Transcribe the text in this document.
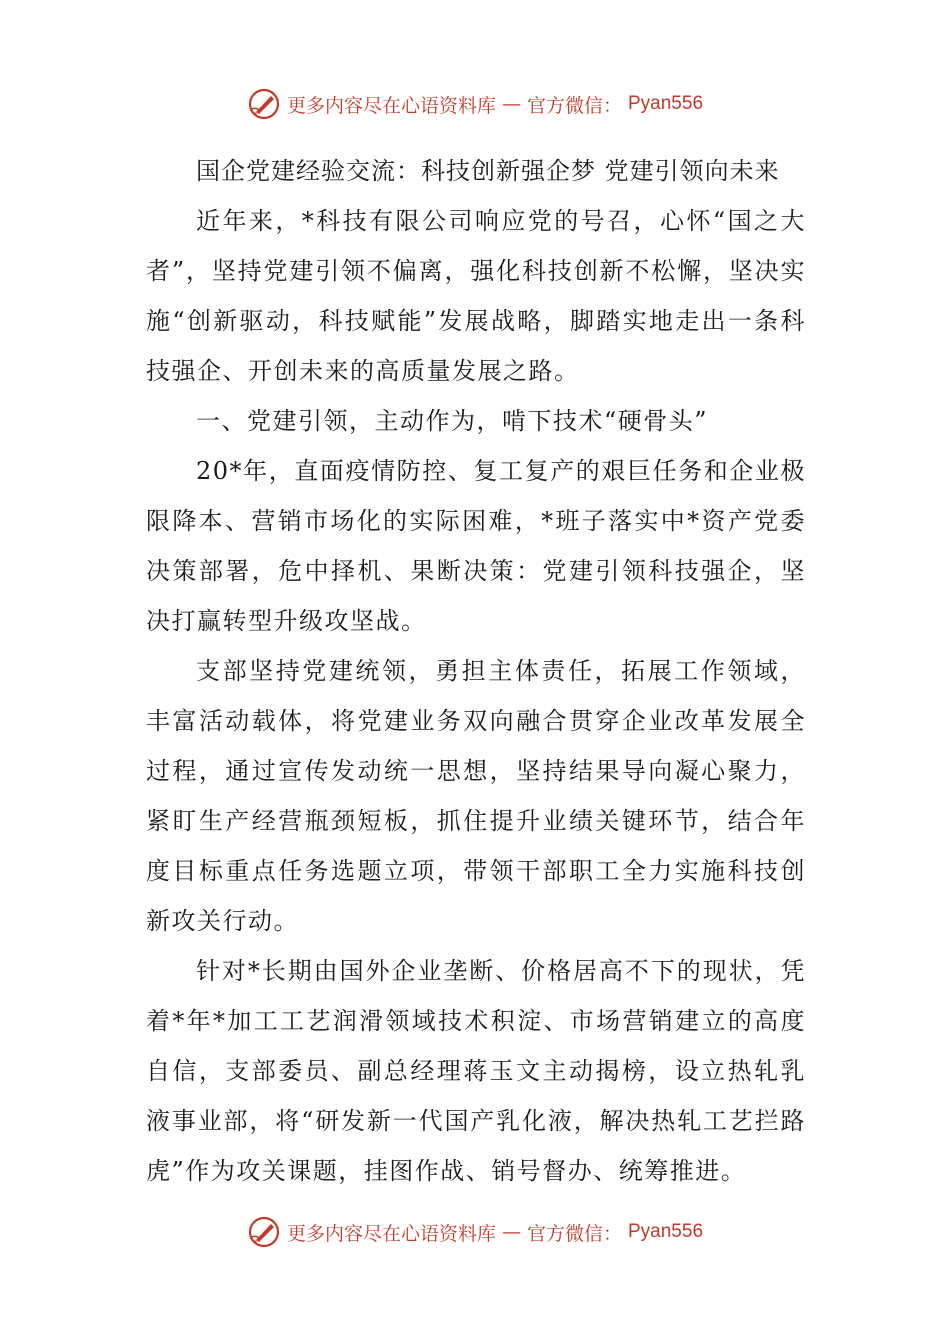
更多内容尽在心语资料库 — 官方微信： Pyan556

国企党建经验交流：科技创新强企梦 党建引领向未来

近年来，*科技有限公司响应党的号召，心怀“国之大者”，坚持党建引领不偏离，强化科技创新不松懈，坚决实施“创新驱动，科技赋能”发展战略，脚踏实地走出一条科技强企、开创未来的高质量发展之路。

一、党建引领，主动作为，啃下技术“硬骨头”

20*年，直面疫情防控、复工复产的艰巨任务和企业极限降本、营销市场化的实际困难，*班子落实中*资产党委决策部署，危中择机、果断决策：党建引领科技强企，坚决打赢转型升级攻坚战。

支部坚持党建统领，勇担主体责任，拓展工作领域，丰富活动载体，将党建业务双向融合贯穿企业改革发展全过程，通过宣传发动统一思想，坚持结果导向凝心聚力，紧盯生产经营瓶颈短板，抓住提升业绩关键环节，结合年度目标重点任务选题立项，带领干部职工全力实施科技创新攻关行动。

针对*长期由国外企业垄断、价格居高不下的现状，凭着*年*加工工艺润滑领域技术积淀、市场营销建立的高度自信，支部委员、副总经理蒋玉文主动揭榜，设立热轧乳液事业部，将“研发新一代国产乳化液，解决热轧工艺拦路虎”作为攻关课题，挂图作战、销号督办、统筹推进。

更多内容尽在心语资料库 — 官方微信： Pyan556
